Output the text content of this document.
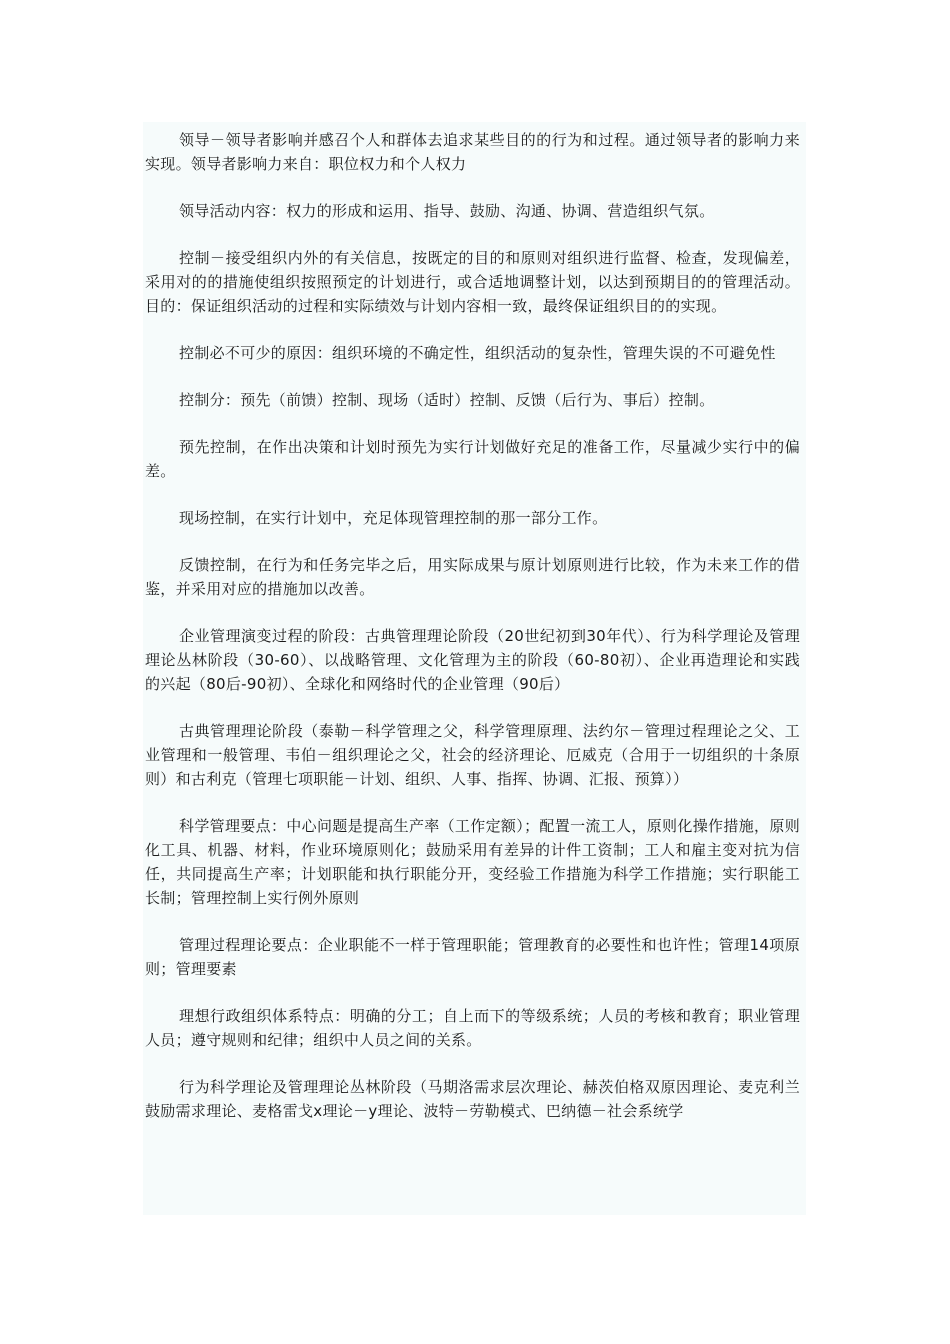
领导－领导者影响并感召个人和群体去追求某些目的的行为和过程。通过领导者的影响力来实现。领导者影响力来自：职位权力和个人权力

领导活动内容：权力的形成和运用、指导、鼓励、沟通、协调、营造组织气氛。

控制－接受组织内外的有关信息，按既定的目的和原则对组织进行监督、检查，发现偏差，采用对的的措施使组织按照预定的计划进行，或合适地调整计划，以达到预期目的的管理活动。目的：保证组织活动的过程和实际绩效与计划内容相一致，最终保证组织目的的实现。

控制必不可少的原因：组织环境的不确定性，组织活动的复杂性，管理失误的不可避免性

控制分：预先（前馈）控制、现场（适时）控制、反馈（后行为、事后）控制。

预先控制，在作出决策和计划时预先为实行计划做好充足的准备工作，尽量减少实行中的偏差。

现场控制，在实行计划中，充足体现管理控制的那一部分工作。

反馈控制，在行为和任务完毕之后，用实际成果与原计划原则进行比较，作为未来工作的借鉴，并采用对应的措施加以改善。

企业管理演变过程的阶段：古典管理理论阶段（20世纪初到30年代）、行为科学理论及管理理论丛林阶段（30-60）、以战略管理、文化管理为主的阶段（60-80初）、企业再造理论和实践的兴起（80后-90初）、全球化和网络时代的企业管理（90后）

古典管理理论阶段（泰勒－科学管理之父，科学管理原理、法约尔－管理过程理论之父、工业管理和一般管理、韦伯－组织理论之父，社会的经济理论、厄威克（合用于一切组织的十条原则）和古利克（管理七项职能－计划、组织、人事、指挥、协调、汇报、预算））

科学管理要点：中心问题是提高生产率（工作定额）；配置一流工人，原则化操作措施，原则化工具、机器、材料，作业环境原则化；鼓励采用有差异的计件工资制；工人和雇主变对抗为信任，共同提高生产率；计划职能和执行职能分开，变经验工作措施为科学工作措施；实行职能工长制；管理控制上实行例外原则

管理过程理论要点：企业职能不一样于管理职能；管理教育的必要性和也许性；管理14项原则；管理要素

理想行政组织体系特点：明确的分工；自上而下的等级系统；人员的考核和教育；职业管理人员；遵守规则和纪律；组织中人员之间的关系。

行为科学理论及管理理论丛林阶段（马期洛需求层次理论、赫茨伯格双原因理论、麦克利兰鼓励需求理论、麦格雷戈x理论－y理论、波特－劳勒模式、巴纳德－社会系统学
